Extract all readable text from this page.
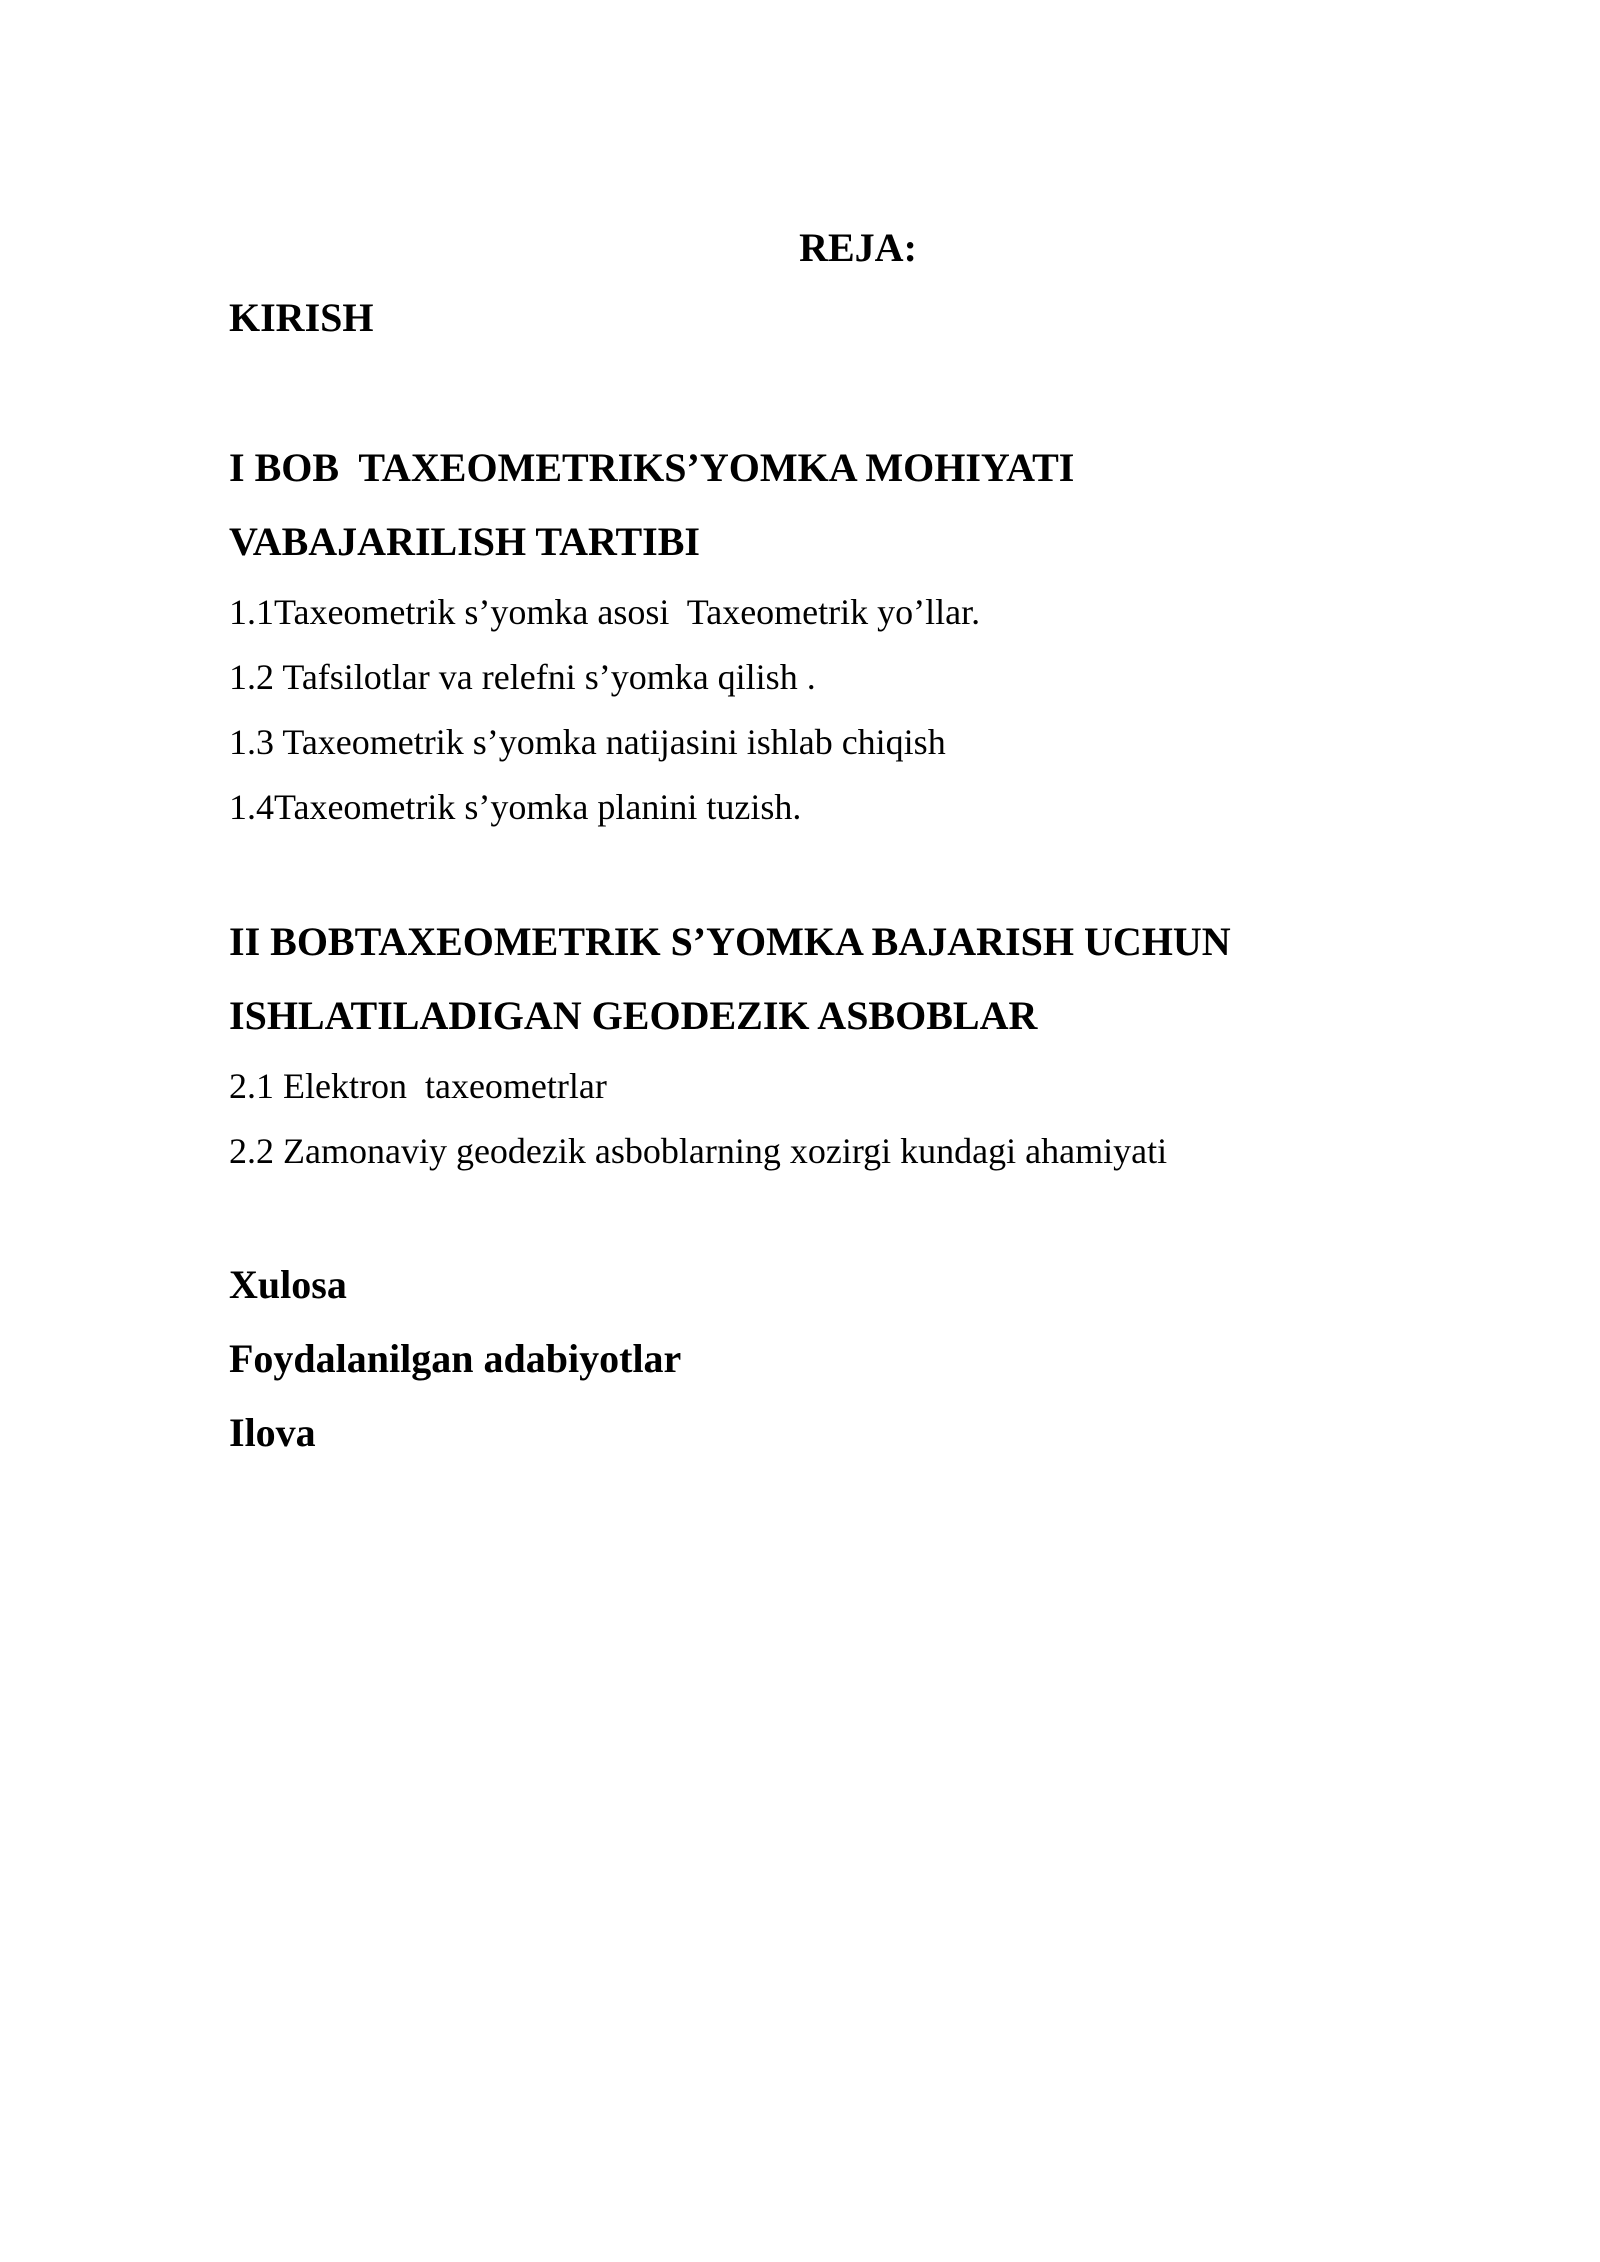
REJA:
KIRISH
I BOB  TAXEOMETRIKS’YOMKA MOHIYATI
VABAJARILISH TARTIBI
1.1Taxeometrik s’yomka asosi  Taxeometrik yo’llar.
1.2 Tafsilotlar va relefni s’yomka qilish .
1.3 Taxeometrik s’yomka natijasini ishlab chiqish
1.4Taxeometrik s’yomka planini tuzish.
II BOBTAXEOMETRIK S’YOMKA BAJARISH UCHUN
ISHLATILADIGAN GEODEZIK ASBOBLAR
2.1 Elektron  taxeometrlar
2.2 Zamonaviy geodezik asboblarning xozirgi kundagi ahamiyati
Xulosa
Foydalanilgan adabiyotlar
Ilova
